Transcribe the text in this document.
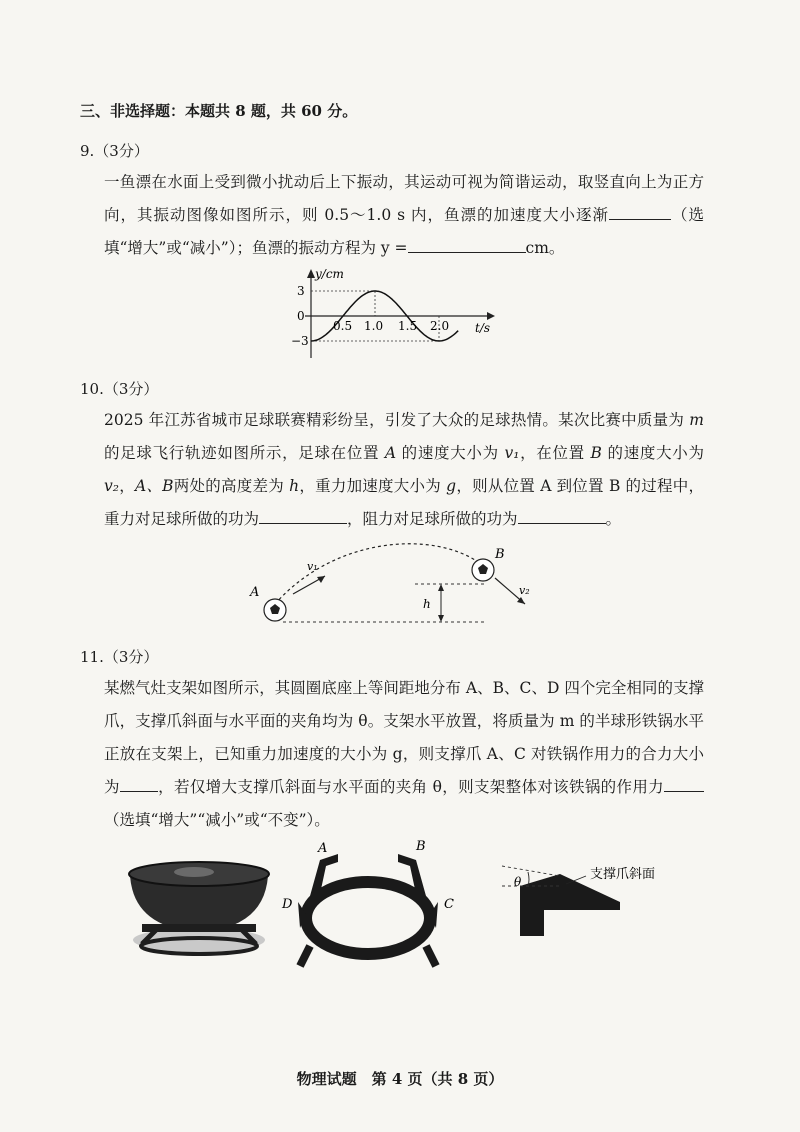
三、非选择题：本题共 8 题，共 60 分。
9.（3分）
一鱼漂在水面上受到微小扰动后上下振动，其运动可视为简谐运动，取竖直向上为正方向，其振动图像如图所示，则 0.5～1.0 s 内，鱼漂的加速度大小逐渐	（选填“增大”或“减小”）；鱼漂的振动方程为 y =	cm。
y/cm
t/s
3
0
−3
0.5 1.0 1.5 2.0
10.（3分）
2025 年江苏省城市足球联赛精彩纷呈，引发了大众的足球热情。某次比赛中质量为 m的足球飞行轨迹如图所示，足球在位置 A 的速度大小为 v₁，在位置 B 的速度大小为 v₂，A、B两处的高度差为 h，重力加速度大小为 g，则从位置 A 到位置 B 的过程中，重力对足球所做的功为	，阻力对足球所做的功为	。
A
B
v₁
v₂
h
11.（3分）
某燃气灶支架如图所示，其圆圈底座上等间距地分布 A、B、C、D 四个完全相同的支撑爪，支撑爪斜面与水平面的夹角均为 θ。支架水平放置，将质量为 m 的半球形铁锅水平正放在支架上，已知重力加速度的大小为 g，则支撑爪 A、C 对铁锅作用力的合力大小为 ，若仅增大支撑爪斜面与水平面的夹角 θ，则支架整体对该铁锅的作用力（选填“增大”“减小”或“不变”）。
A	B
D	C
θ	支撑爪斜面
物理试题　第 4 页（共 8 页）
